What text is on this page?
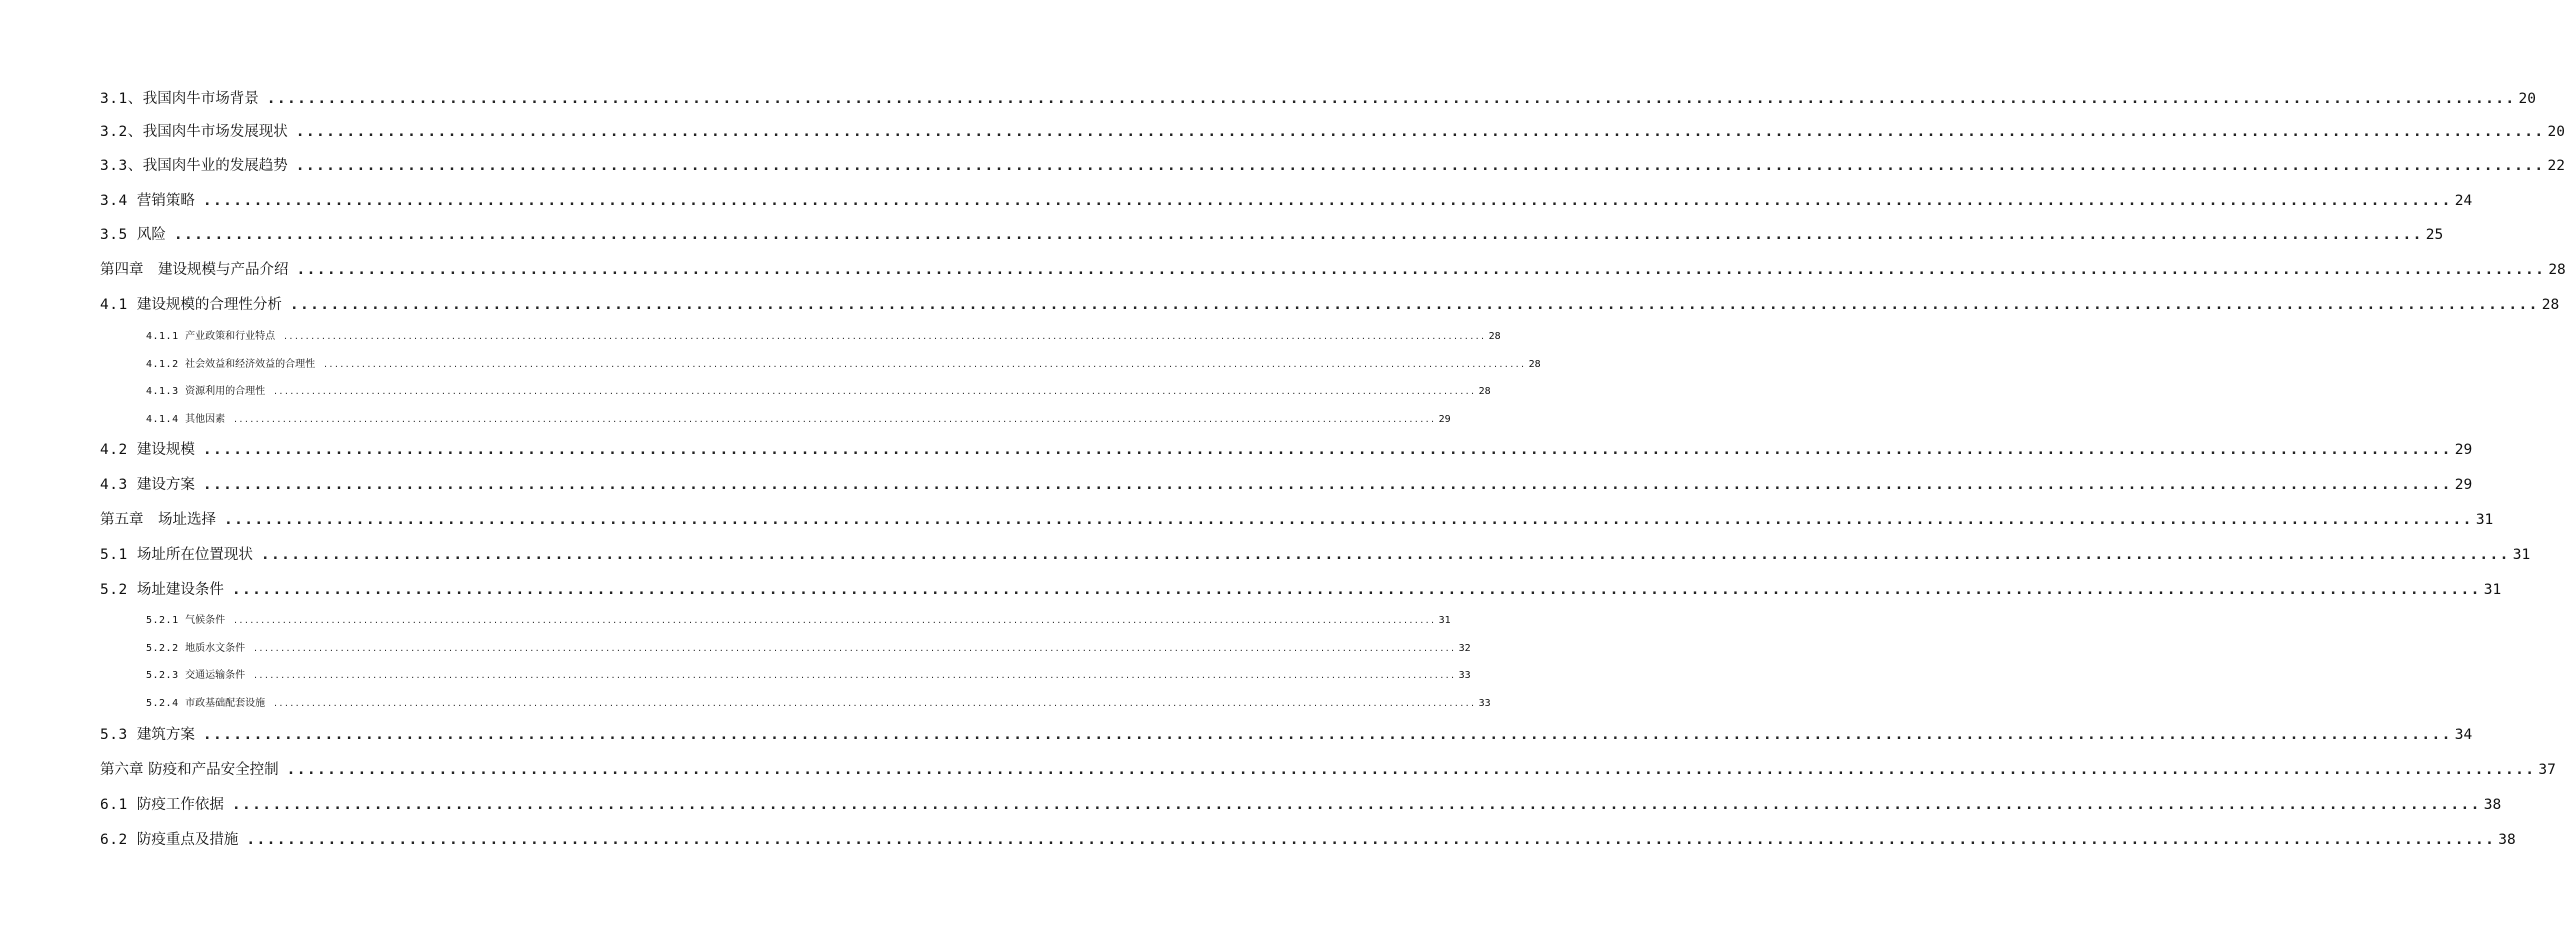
3.1、我国肉牛市场背景 .............................................................................................................................................................................................................................. 20
3.2、我国肉牛市场发展现状 .............................................................................................................................................................................................................................. 20
3.3、我国肉牛业的发展趋势 .............................................................................................................................................................................................................................. 22
3.4 营销策略 .............................................................................................................................................................................................................................. 24
3.5 风险 .............................................................................................................................................................................................................................. 25
第四章　建设规模与产品介绍 .............................................................................................................................................................................................................................. 28
4.1 建设规模的合理性分析 .............................................................................................................................................................................................................................. 28
4.1.1 产业政策和行业特点 .............................................................................................................................................................................................................................. 28
4.1.2 社会效益和经济效益的合理性 .............................................................................................................................................................................................................................. 28
4.1.3 资源利用的合理性 .............................................................................................................................................................................................................................. 28
4.1.4 其他因素 .............................................................................................................................................................................................................................. 29
4.2 建设规模 .............................................................................................................................................................................................................................. 29
4.3 建设方案 .............................................................................................................................................................................................................................. 29
第五章　场址选择 .............................................................................................................................................................................................................................. 31
5.1 场址所在位置现状 .............................................................................................................................................................................................................................. 31
5.2 场址建设条件 .............................................................................................................................................................................................................................. 31
5.2.1 气候条件 .............................................................................................................................................................................................................................. 31
5.2.2 地质水文条件 .............................................................................................................................................................................................................................. 32
5.2.3 交通运输条件 .............................................................................................................................................................................................................................. 33
5.2.4 市政基础配套设施 .............................................................................................................................................................................................................................. 33
5.3 建筑方案 .............................................................................................................................................................................................................................. 34
第六章 防疫和产品安全控制 .............................................................................................................................................................................................................................. 37
6.1 防疫工作依据 .............................................................................................................................................................................................................................. 38
6.2 防疫重点及措施 .............................................................................................................................................................................................................................. 38
